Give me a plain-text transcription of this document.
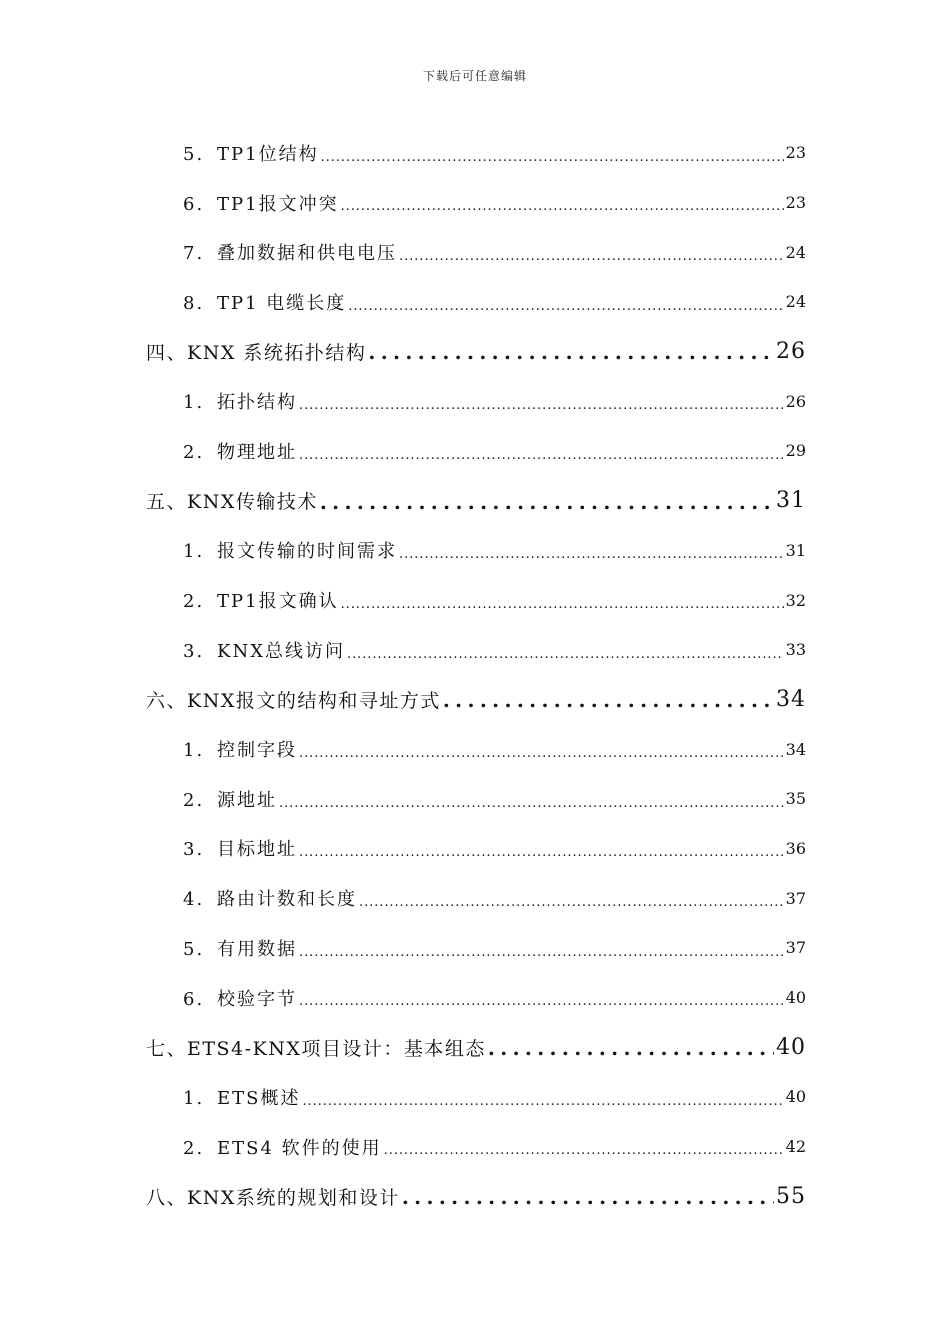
下载后可任意编辑
5. TP1位结构 . . .	23
6. TP1报文冲突 . . .	23
7. 叠加数据和供电电压 . . .	24
8. TP1 电缆长度 . . .	24
四、KNX 系统拓扑结构 . . .	26
1. 拓扑结构 . . .	26
2. 物理地址 . . .	29
五、KNX传输技术 . . .	31
1. 报文传输的时间需求 . . .	31
2. TP1报文确认 . . .	32
3. KNX总线访问 . . .	33
六、KNX报文的结构和寻址方式 . . .	34
1. 控制字段 . . .	34
2. 源地址 . . .	35
3. 目标地址 . . .	36
4. 路由计数和长度 . . .	37
5. 有用数据 . . .	37
6. 校验字节 . . .	40
七、ETS4-KNX项目设计：基本组态 . . .	40
1. ETS概述 . . .	40
2. ETS4 软件的使用 . . .	42
八、KNX系统的规划和设计 . . .	55
